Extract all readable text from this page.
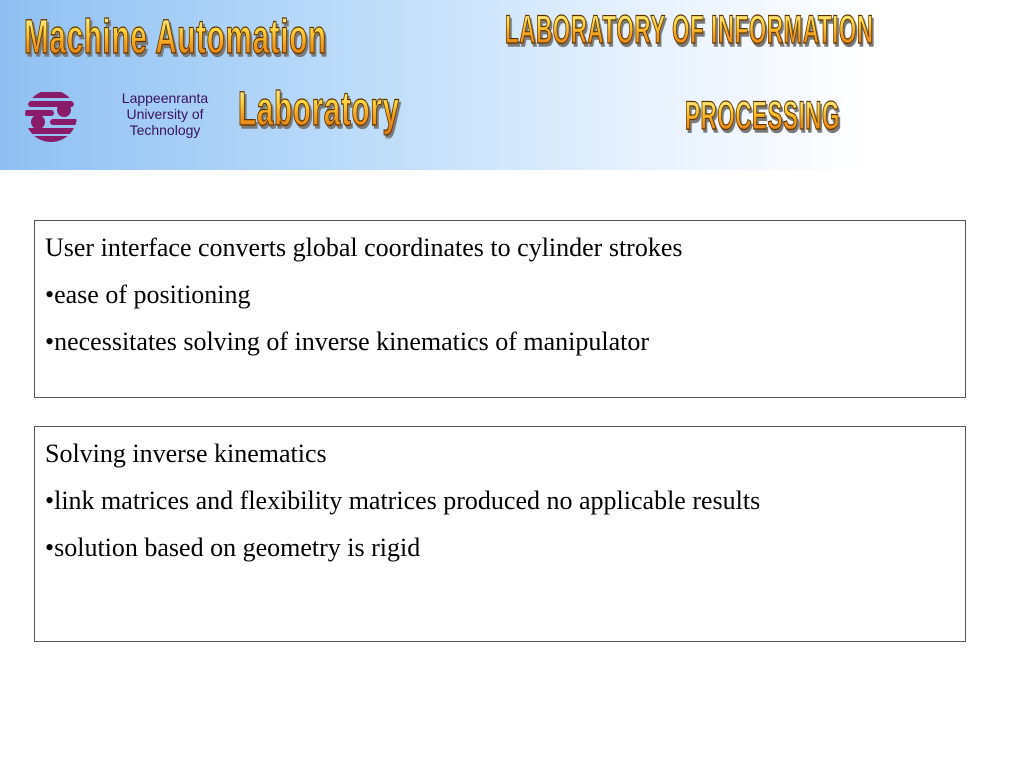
Machine Automation
Laboratory
LABORATORY OF INFORMATION
PROCESSING

Lappeenranta
University of
Technology

User interface converts global coordinates to cylinder strokes

•ease of positioning

•necessitates solving of inverse kinematics of manipulator

Solving inverse kinematics

•link matrices and flexibility matrices produced no applicable results

•solution based on geometry is rigid
